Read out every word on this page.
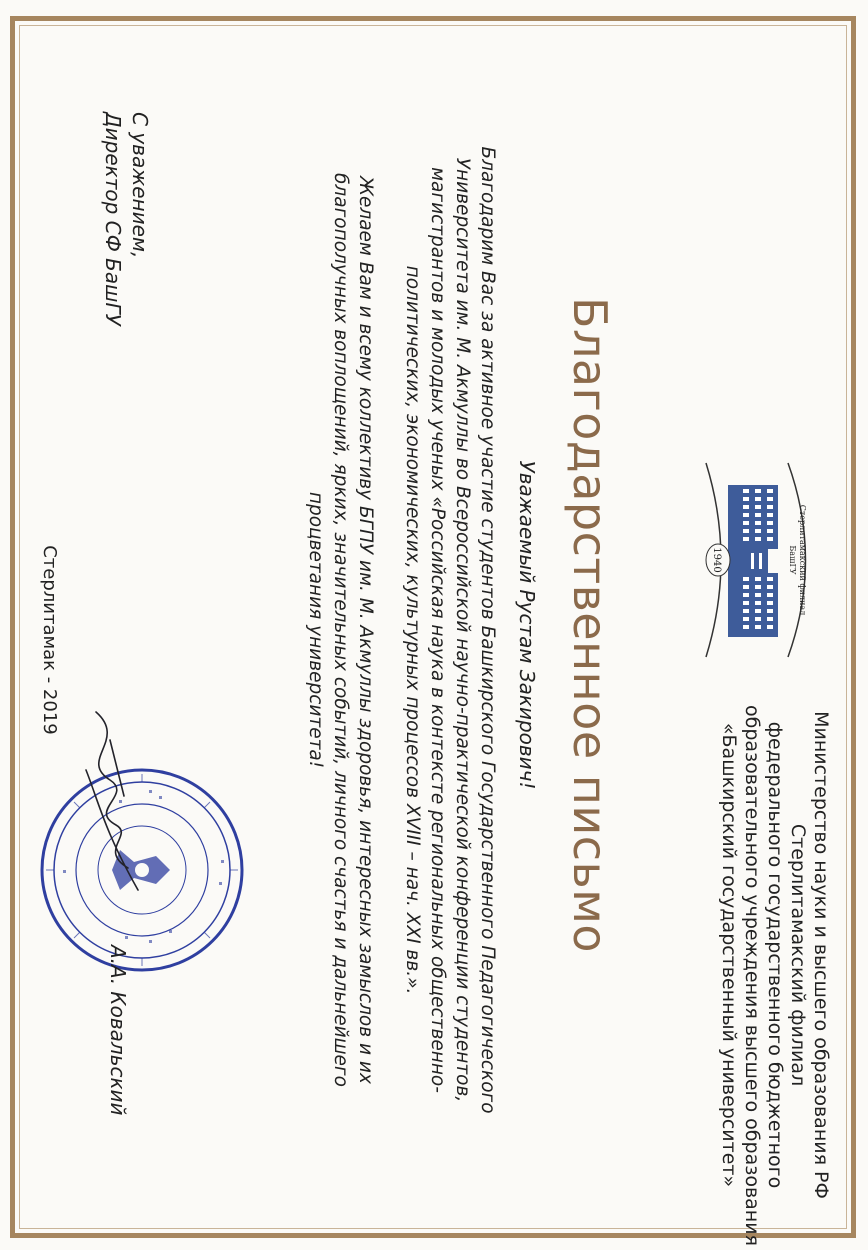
Министерство науки и высшего образования РФ
Стерлитамакский филиал
федерального государственного бюджетного
образовательного учреждения высшего образования
«Башкирский государственный университет»
Стерлитамакский филиал
БашГУ
1940
Благодарственное письмо
Уважаемый Рустам Закирович!
Благодарим Вас за активное участие студентов Башкирского Государственного Педагогического
Университета им. М. Акмуллы во Всероссийской научно-практической конференции студентов,
магистрантов и молодых ученых «Российская наука в контексте региональных общественно-
политических, экономических, культурных процессов XVIII – нач. XXI вв.».
Желаем Вам и всему коллективу БГПУ им. М. Акмуллы здоровья, интересных замыслов и их
благополучных воплощений, ярких, значительных событий, личного счастья и дальнейшего
процветания университета!
С уважением,
Директор СФ БашГУ
А.А. Ковальский
Стерлитамак - 2019
